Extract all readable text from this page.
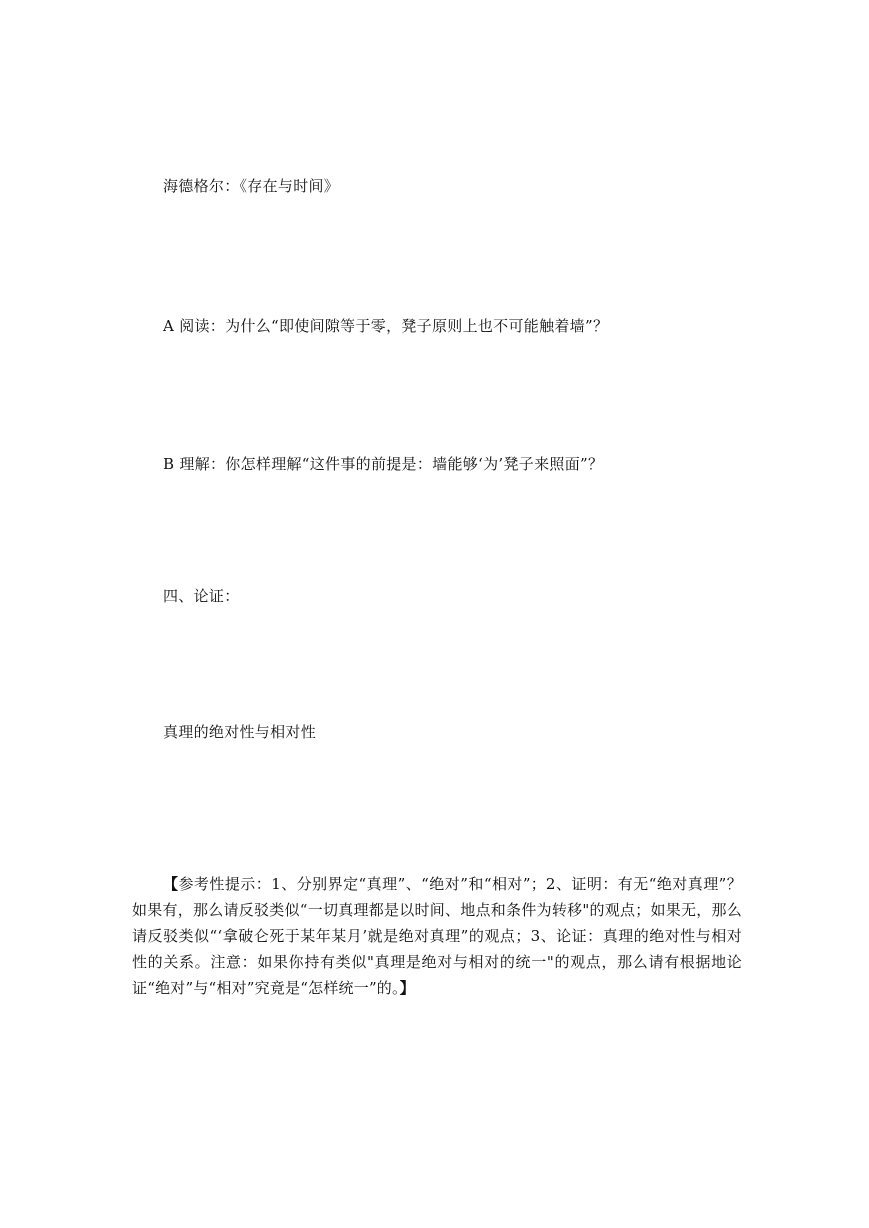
海德格尔：《存在与时间》
A 阅读：为什么“即使间隙等于零，凳子原则上也不可能触着墙”？
B 理解：你怎样理解“这件事的前提是：墙能够‘为’凳子来照面”？
四、论证：
真理的绝对性与相对性

【参考性提示：1、分别界定“真理”、“绝对”和“相对”；2、证明：有无“绝对真理”？如果有，那么请反驳类似“一切真理都是以时间、地点和条件为转移"的观点；如果无，那么请反驳类似“‘拿破仑死于某年某月’就是绝对真理”的观点；3、论证：真理的绝对性与相对性的关系。注意：如果你持有类似"真理是绝对与相对的统一"的观点，那么请有根据地论证“绝对”与“相对”究竟是“怎样统一”的。】
